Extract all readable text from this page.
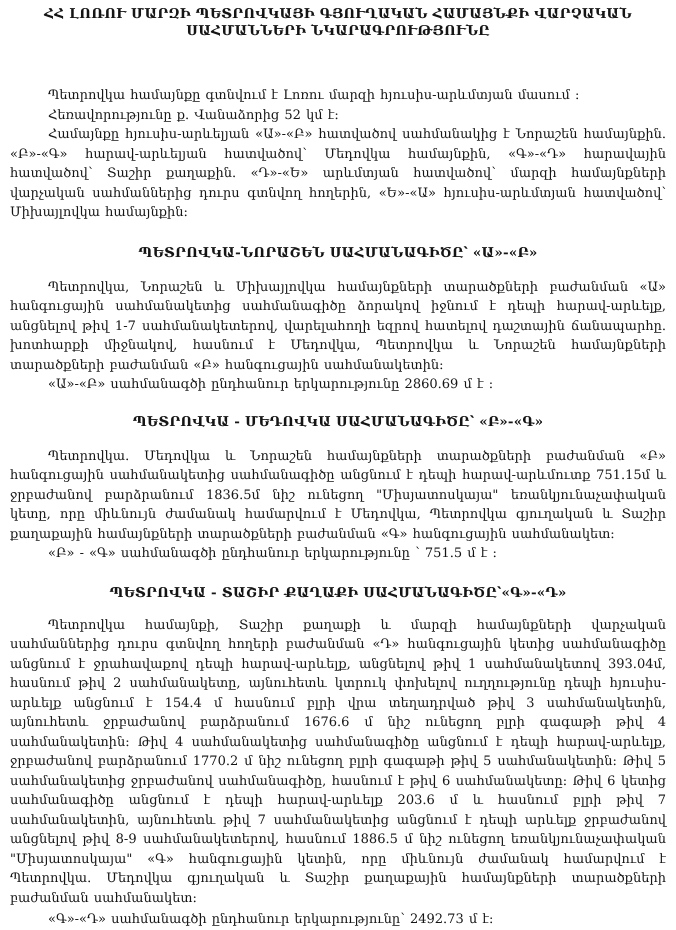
ՀՀ ԼՈՌՈՒ ՄԱՐԶԻ ՊԵՏՐՈՎԿԱՅԻ ԳՅՈՒՂԱԿԱՆ ՀԱՄԱՅՆՔԻ ՎԱՐՉԱԿԱՆ
ՍԱՀՄԱՆՆԵՐԻ ՆԿԱՐԱԳՐՈՒԹՅՈՒՆԸ

Պետրովկա համայնքը գտնվում է Լոռու մարզի հյուսիս-արևմտյան մասում :

Հեռավորությունը ք. Վանաձորից 52 կմ է:

Համայնքը հյուսիս-արևելյան «Ա»-«Բ» հատվածով սահմանակից է Նորաշեն համայնքին. «Բ»-«Գ» հարավ-արևելյան հատվածով՝ Մեդովկա համայնքին, «Գ»-«Դ» հարավային հատվածով՝ Տաշիր քաղաքին. «Դ»-«Ե» արևմտյան հատվածով՝ մարզի համայնքների վարչական սահմաններից դուրս գտնվող հողերին, «Ե»-«Ա» հյուսիս-արևմտյան հատվածով՝ Միխայլովկա համայնքին:

ՊԵՏՐՈՎԿԱ-ՆՈՐԱՇԵՆ ՍԱՀՄԱՆԱԳԻԾԸ՝ «Ա»-«Բ»

Պետրովկա, Նորաշեն և Միխայլովկա համայնքների տարածքների բաժանման «Ա» հանգուցային սահմանակետից սահմանագիծը ձորակով իջնում է դեպի հարավ-արևելք, անցնելով թիվ 1-7 սահմանակետերով, վարելահողի եզրով հատելով դաշտային ճանապարհը. խոտհարքի միջնակով, հասնում է Մեդովկա, Պետրովկա և Նորաշեն համայնքների տարածքների բաժանման «Բ» հանգուցային սահմանակետին:

«Ա»-«Բ» սահմանագծի ընդհանուր երկարությունը 2860.69 մ է :

ՊԵՏՐՈՎԿԱ - ՄԵԴՈՎԿԱ ՍԱՀՄԱՆԱԳԻԾԸ՝ «Բ»-«Գ»

Պետրովկա. Մեդովկա և Նորաշեն համայնքների տարածքների բաժանման «Բ» հանգուցային սահմանակետից սահմանագիծը անցնում է դեպի հարավ-արևմուտք 751.15մ և ջրբաժանով բարձրանում 1836.5մ նիշ ունեցող "Միսյատոսկայա" եռանկյունաչափական կետը, որը միևնույն ժամանակ համարվում է Մեդովկա, Պետրովկա գյուղական և Տաշիր քաղաքային համայնքների տարածքների բաժանման «Գ» հանգուցային սահմանակետ:

«Բ» - «Գ» սահմանագծի ընդհանուր երկարությունը ՝ 751.5 մ է :

ՊԵՏՐՈՎԿԱ - ՏԱՇԻՐ ՔԱՂԱՔԻ ՍԱՀՄԱՆԱԳԻԾԸ՝«Գ»-«Դ»

Պետրովկա համայնքի, Տաշիր քաղաքի և մարզի համայնքների վարչական սահմաններից դուրս գտնվող հողերի բաժանման «Դ» հանգուցային կետից սահմանագիծը անցնում է ջրահավաքով դեպի հարավ-արևելք, անցնելով թիվ 1 սահմանակետով 393.04մ, հասնում թիվ 2 սահմանակետը, այնուհետև կտրուկ փոխելով ուղղությունը դեպի հյուսիս-արևելք անցնում է 154.4 մ հասնում բլրի վրա տեղադրված թիվ 3 սահմանակետին, այնուհետև ջրբաժանով բարձրանում 1676.6 մ նիշ ունեցող բլրի գագաթի թիվ 4 սահմանակետին: Թիվ 4 սահմանակետից սահմանագիծը անցնում է դեպի հարավ-արևելք, ջրբաժանով բարձրանում 1770.2 մ նիշ ունեցող բլրի գագաթի թիվ 5 սահմանակետին: Թիվ 5 սահմանակետից ջրբաժանով սահմանագիծը, հասնում է թիվ 6 սահմանակետը: Թիվ 6 կետից սահմանագիծը անցնում է դեպի հարավ-արևելք 203.6 մ և հասնում բլրի թիվ 7 սահմանակետին, այնուհետև թիվ 7 սահմանակետից անցնում է դեպի արևելք ջրբաժանով անցնելով թիվ 8-9 սահմանակետերով, հասնում 1886.5 մ նիշ ունեցող եռանկյունաչափական "Միսյատոսկայա" «Գ» հանգուցային կետին, որը միևնույն ժամանակ համարվում է Պետրովկա. Մեդովկա գյուղական և Տաշիր քաղաքային համայնքների տարածքների բաժանման սահմանակետ:

«Գ»-«Դ» սահմանագծի ընդհանուր երկարությունը՝ 2492.73 մ է:
